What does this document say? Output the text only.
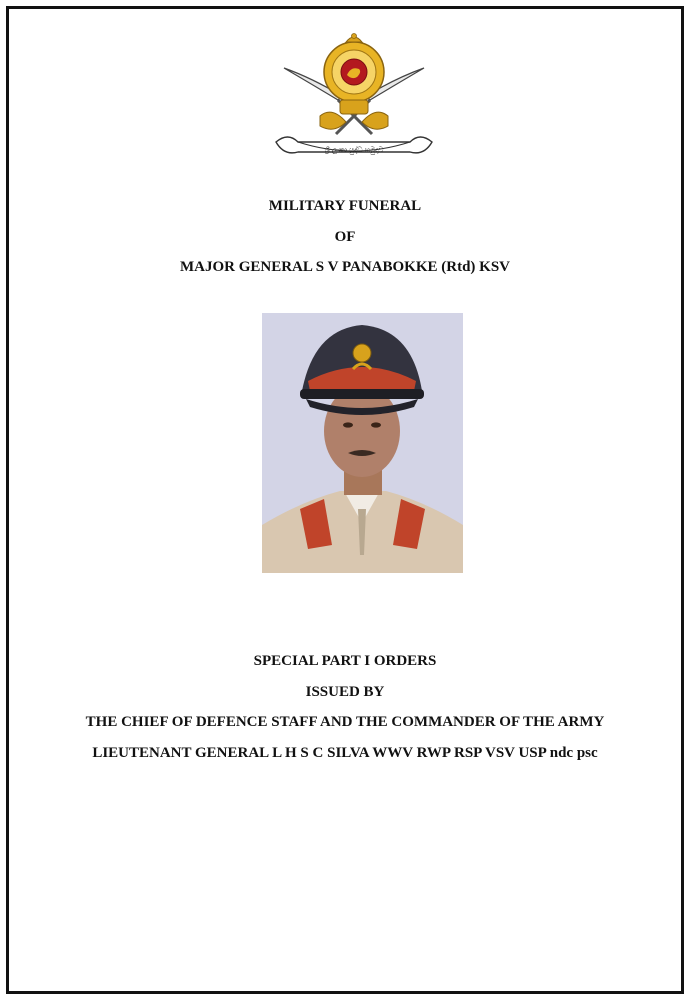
ශ්‍රී ලංකා යුද්ධ හමුදාව
MILITARY FUNERAL
OF
MAJOR GENERAL S V PANABOKKE (Rtd) KSV
SPECIAL PART I ORDERS
ISSUED BY
THE CHIEF OF DEFENCE STAFF AND THE COMMANDER OF THE ARMY
LIEUTENANT GENERAL L H S C SILVA WWV RWP RSP VSV USP ndc psc
